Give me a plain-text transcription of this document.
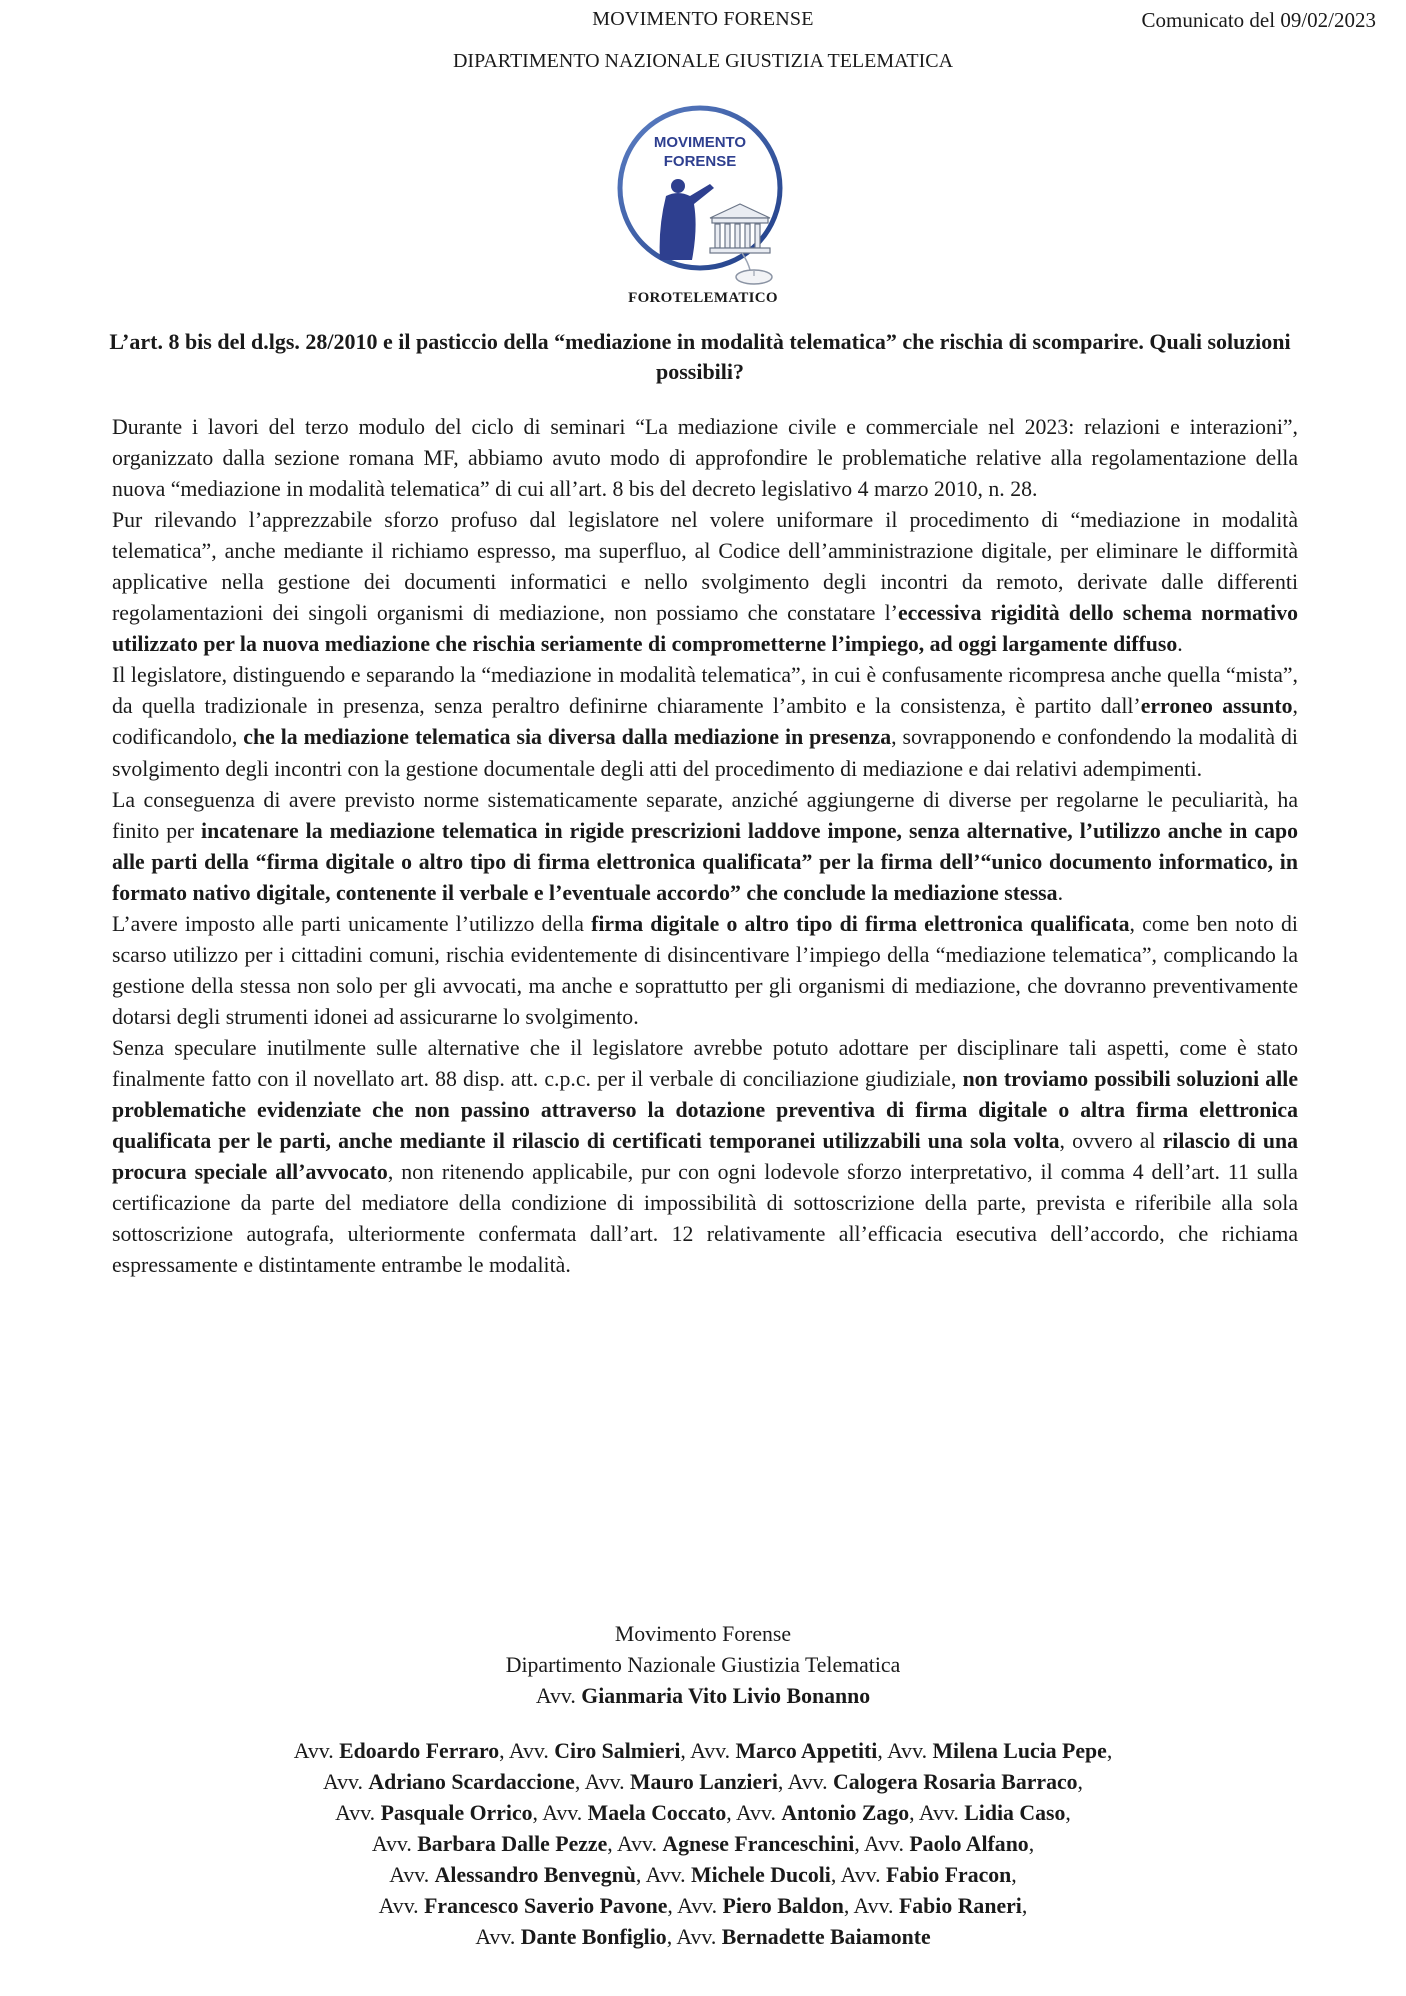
MOVIMENTO FORENSE	Comunicato del 09/02/2023
DIPARTIMENTO NAZIONALE GIUSTIZIA TELEMATICA
MOVIMENTO
FORENSE
FOROTELEMATICO
L’art. 8 bis del d.lgs. 28/2010 e il pasticcio della “mediazione in modalità telematica” che rischia di scomparire. Quali soluzioni possibili?

Durante i lavori del terzo modulo del ciclo di seminari “La mediazione civile e commerciale nel 2023: relazioni e interazioni”, organizzato dalla sezione romana MF, abbiamo avuto modo di approfondire le problematiche relative alla regolamentazione della nuova “mediazione in modalità telematica” di cui all’art. 8 bis del decreto legislativo 4 marzo 2010, n. 28.

Pur rilevando l’apprezzabile sforzo profuso dal legislatore nel volere uniformare il procedimento di “mediazione in modalità telematica”, anche mediante il richiamo espresso, ma superfluo, al Codice dell’amministrazione digitale, per eliminare le difformità applicative nella gestione dei documenti informatici e nello svolgimento degli incontri da remoto, derivate dalle differenti regolamentazioni dei singoli organismi di mediazione, non possiamo che constatare l’eccessiva rigidità dello schema normativo utilizzato per la nuova mediazione che rischia seriamente di comprometterne l’impiego, ad oggi largamente diffuso.

Il legislatore, distinguendo e separando la “mediazione in modalità telematica”, in cui è confusamente ricompresa anche quella “mista”, da quella tradizionale in presenza, senza peraltro definirne chiaramente l’ambito e la consistenza, è partito dall’erroneo assunto, codificandolo, che la mediazione telematica sia diversa dalla mediazione in presenza, sovrapponendo e confondendo la modalità di svolgimento degli incontri con la gestione documentale degli atti del procedimento di mediazione e dai relativi adempimenti.

La conseguenza di avere previsto norme sistematicamente separate, anziché aggiungerne di diverse per regolarne le peculiarità, ha finito per incatenare la mediazione telematica in rigide prescrizioni laddove impone, senza alternative, l’utilizzo anche in capo alle parti della “firma digitale o altro tipo di firma elettronica qualificata” per la firma dell’“unico documento informatico, in formato nativo digitale, contenente il verbale e l’eventuale accordo” che conclude la mediazione stessa.

L’avere imposto alle parti unicamente l’utilizzo della firma digitale o altro tipo di firma elettronica qualificata, come ben noto di scarso utilizzo per i cittadini comuni, rischia evidentemente di disincentivare l’impiego della “mediazione telematica”, complicando la gestione della stessa non solo per gli avvocati, ma anche e soprattutto per gli organismi di mediazione, che dovranno preventivamente dotarsi degli strumenti idonei ad assicurarne lo svolgimento.

Senza speculare inutilmente sulle alternative che il legislatore avrebbe potuto adottare per disciplinare tali aspetti, come è stato finalmente fatto con il novellato art. 88 disp. att. c.p.c. per il verbale di conciliazione giudiziale, non troviamo possibili soluzioni alle problematiche evidenziate che non passino attraverso la dotazione preventiva di firma digitale o altra firma elettronica qualificata per le parti, anche mediante il rilascio di certificati temporanei utilizzabili una sola volta, ovvero al rilascio di una procura speciale all’avvocato, non ritenendo applicabile, pur con ogni lodevole sforzo interpretativo, il comma 4 dell’art. 11 sulla certificazione da parte del mediatore della condizione di impossibilità di sottoscrizione della parte, prevista e riferibile alla sola sottoscrizione autografa, ulteriormente confermata dall’art. 12 relativamente all’efficacia esecutiva dell’accordo, che richiama espressamente e distintamente entrambe le modalità.

Movimento Forense
Dipartimento Nazionale Giustizia Telematica
Avv. Gianmaria Vito Livio Bonanno
Avv. Edoardo Ferraro, Avv. Ciro Salmieri, Avv. Marco Appetiti, Avv. Milena Lucia Pepe,
Avv. Adriano Scardaccione, Avv. Mauro Lanzieri, Avv. Calogera Rosaria Barraco,
Avv. Pasquale Orrico, Avv. Maela Coccato, Avv. Antonio Zago, Avv. Lidia Caso,
Avv. Barbara Dalle Pezze, Avv. Agnese Franceschini, Avv. Paolo Alfano,
Avv. Alessandro Benvegnù, Avv. Michele Ducoli, Avv. Fabio Fracon,
Avv. Francesco Saverio Pavone, Avv. Piero Baldon, Avv. Fabio Raneri,
Avv. Dante Bonfiglio, Avv. Bernadette Baiamonte
